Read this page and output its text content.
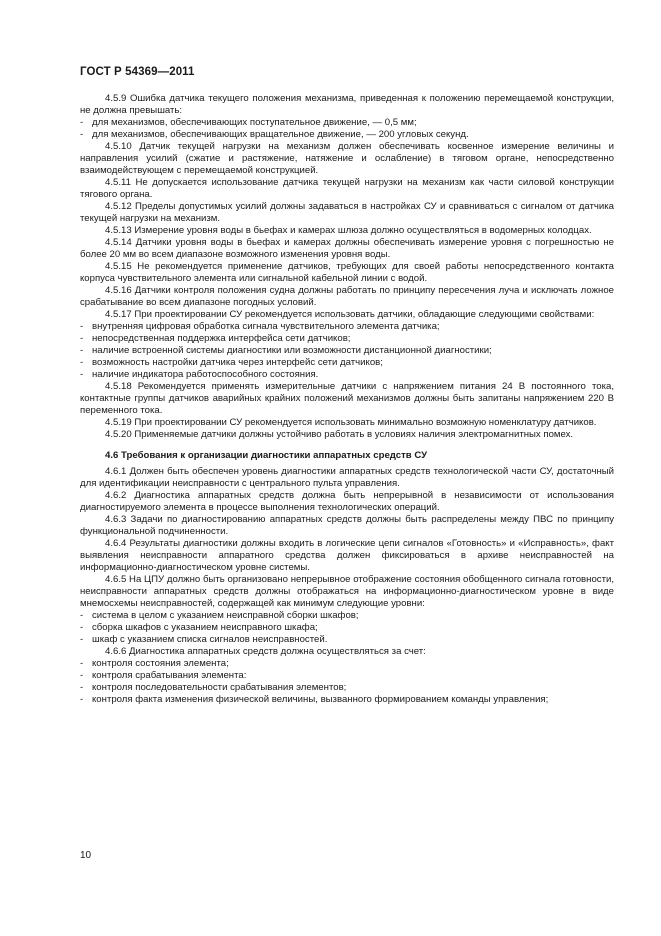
ГОСТ Р 54369—2011

4.5.9 Ошибка датчика текущего положения механизма, приведенная к положению перемещаемой конструкции, не должна превышать:

- для механизмов, обеспечивающих поступательное движение, — 0,5 мм;

- для механизмов, обеспечивающих вращательное движение, — 200 угловых секунд.

4.5.10 Датчик текущей нагрузки на механизм должен обеспечивать косвенное измерение величины и направления усилий (сжатие и растяжение, натяжение и ослабление) в тяговом органе, непосредственно взаимодействующем с перемещаемой конструкцией.

4.5.11 Не допускается использование датчика текущей нагрузки на механизм как части силовой конструкции тягового органа.

4.5.12 Пределы допустимых усилий должны задаваться в настройках СУ и сравниваться с сигналом от датчика текущей нагрузки на механизм.

4.5.13 Измерение уровня воды в бьефах и камерах шлюза должно осуществляться в водомерных колодцах.

4.5.14 Датчики уровня воды в бьефах и камерах должны обеспечивать измерение уровня с погрешностью не более 20 мм во всем диапазоне возможного изменения уровня воды.

4.5.15 Не рекомендуется применение датчиков, требующих для своей работы непосредственного контакта корпуса чувствительного элемента или сигнальной кабельной линии с водой.

4.5.16 Датчики контроля положения судна должны работать по принципу пересечения луча и исключать ложное срабатывание во всем диапазоне погодных условий.

4.5.17 При проектировании СУ рекомендуется использовать датчики, обладающие следующими свойствами:

- внутренняя цифровая обработка сигнала чувствительного элемента датчика;

- непосредственная поддержка интерфейса сети датчиков;

- наличие встроенной системы диагностики или возможности дистанционной диагностики;

- возможность настройки датчика через интерфейс сети датчиков;

- наличие индикатора работоспособного состояния.

4.5.18 Рекомендуется применять измерительные датчики с напряжением питания 24 В постоянного тока, контактные группы датчиков аварийных крайних положений механизмов должны быть запитаны напряжением 220 В переменного тока.

4.5.19 При проектировании СУ рекомендуется использовать минимально возможную номенклатуру датчиков.

4.5.20 Применяемые датчики должны устойчиво работать в условиях наличия электромагнитных помех.

4.6 Требования к организации диагностики аппаратных средств СУ

4.6.1 Должен быть обеспечен уровень диагностики аппаратных средств технологической части СУ, достаточный для идентификации неисправности с центрального пульта управления.

4.6.2 Диагностика аппаратных средств должна быть непрерывной в независимости от использования диагностируемого элемента в процессе выполнения технологических операций.

4.6.3 Задачи по диагностированию аппаратных средств должны быть распределены между ПВС по принципу функциональной подчиненности.

4.6.4 Результаты диагностики должны входить в логические цепи сигналов «Готовность» и «Исправность», факт выявления неисправности аппаратного средства должен фиксироваться в архиве неисправностей на информационно-диагностическом уровне системы.

4.6.5 На ЦПУ должно быть организовано непрерывное отображение состояния обобщенного сигнала готовности, неисправности аппаратных средств должны отображаться на информационно-диагностическом уровне в виде мнемосхемы неисправностей, содержащей как минимум следующие уровни:

- система в целом с указанием неисправной сборки шкафов;

- сборка шкафов с указанием неисправного шкафа;

- шкаф с указанием списка сигналов неисправностей.

4.6.6 Диагностика аппаратных средств должна осуществляться за счет:

- контроля состояния элемента;

- контроля срабатывания элемента:

- контроля последовательности срабатывания элементов;

- контроля факта изменения физической величины, вызванного формированием команды управления;

10
